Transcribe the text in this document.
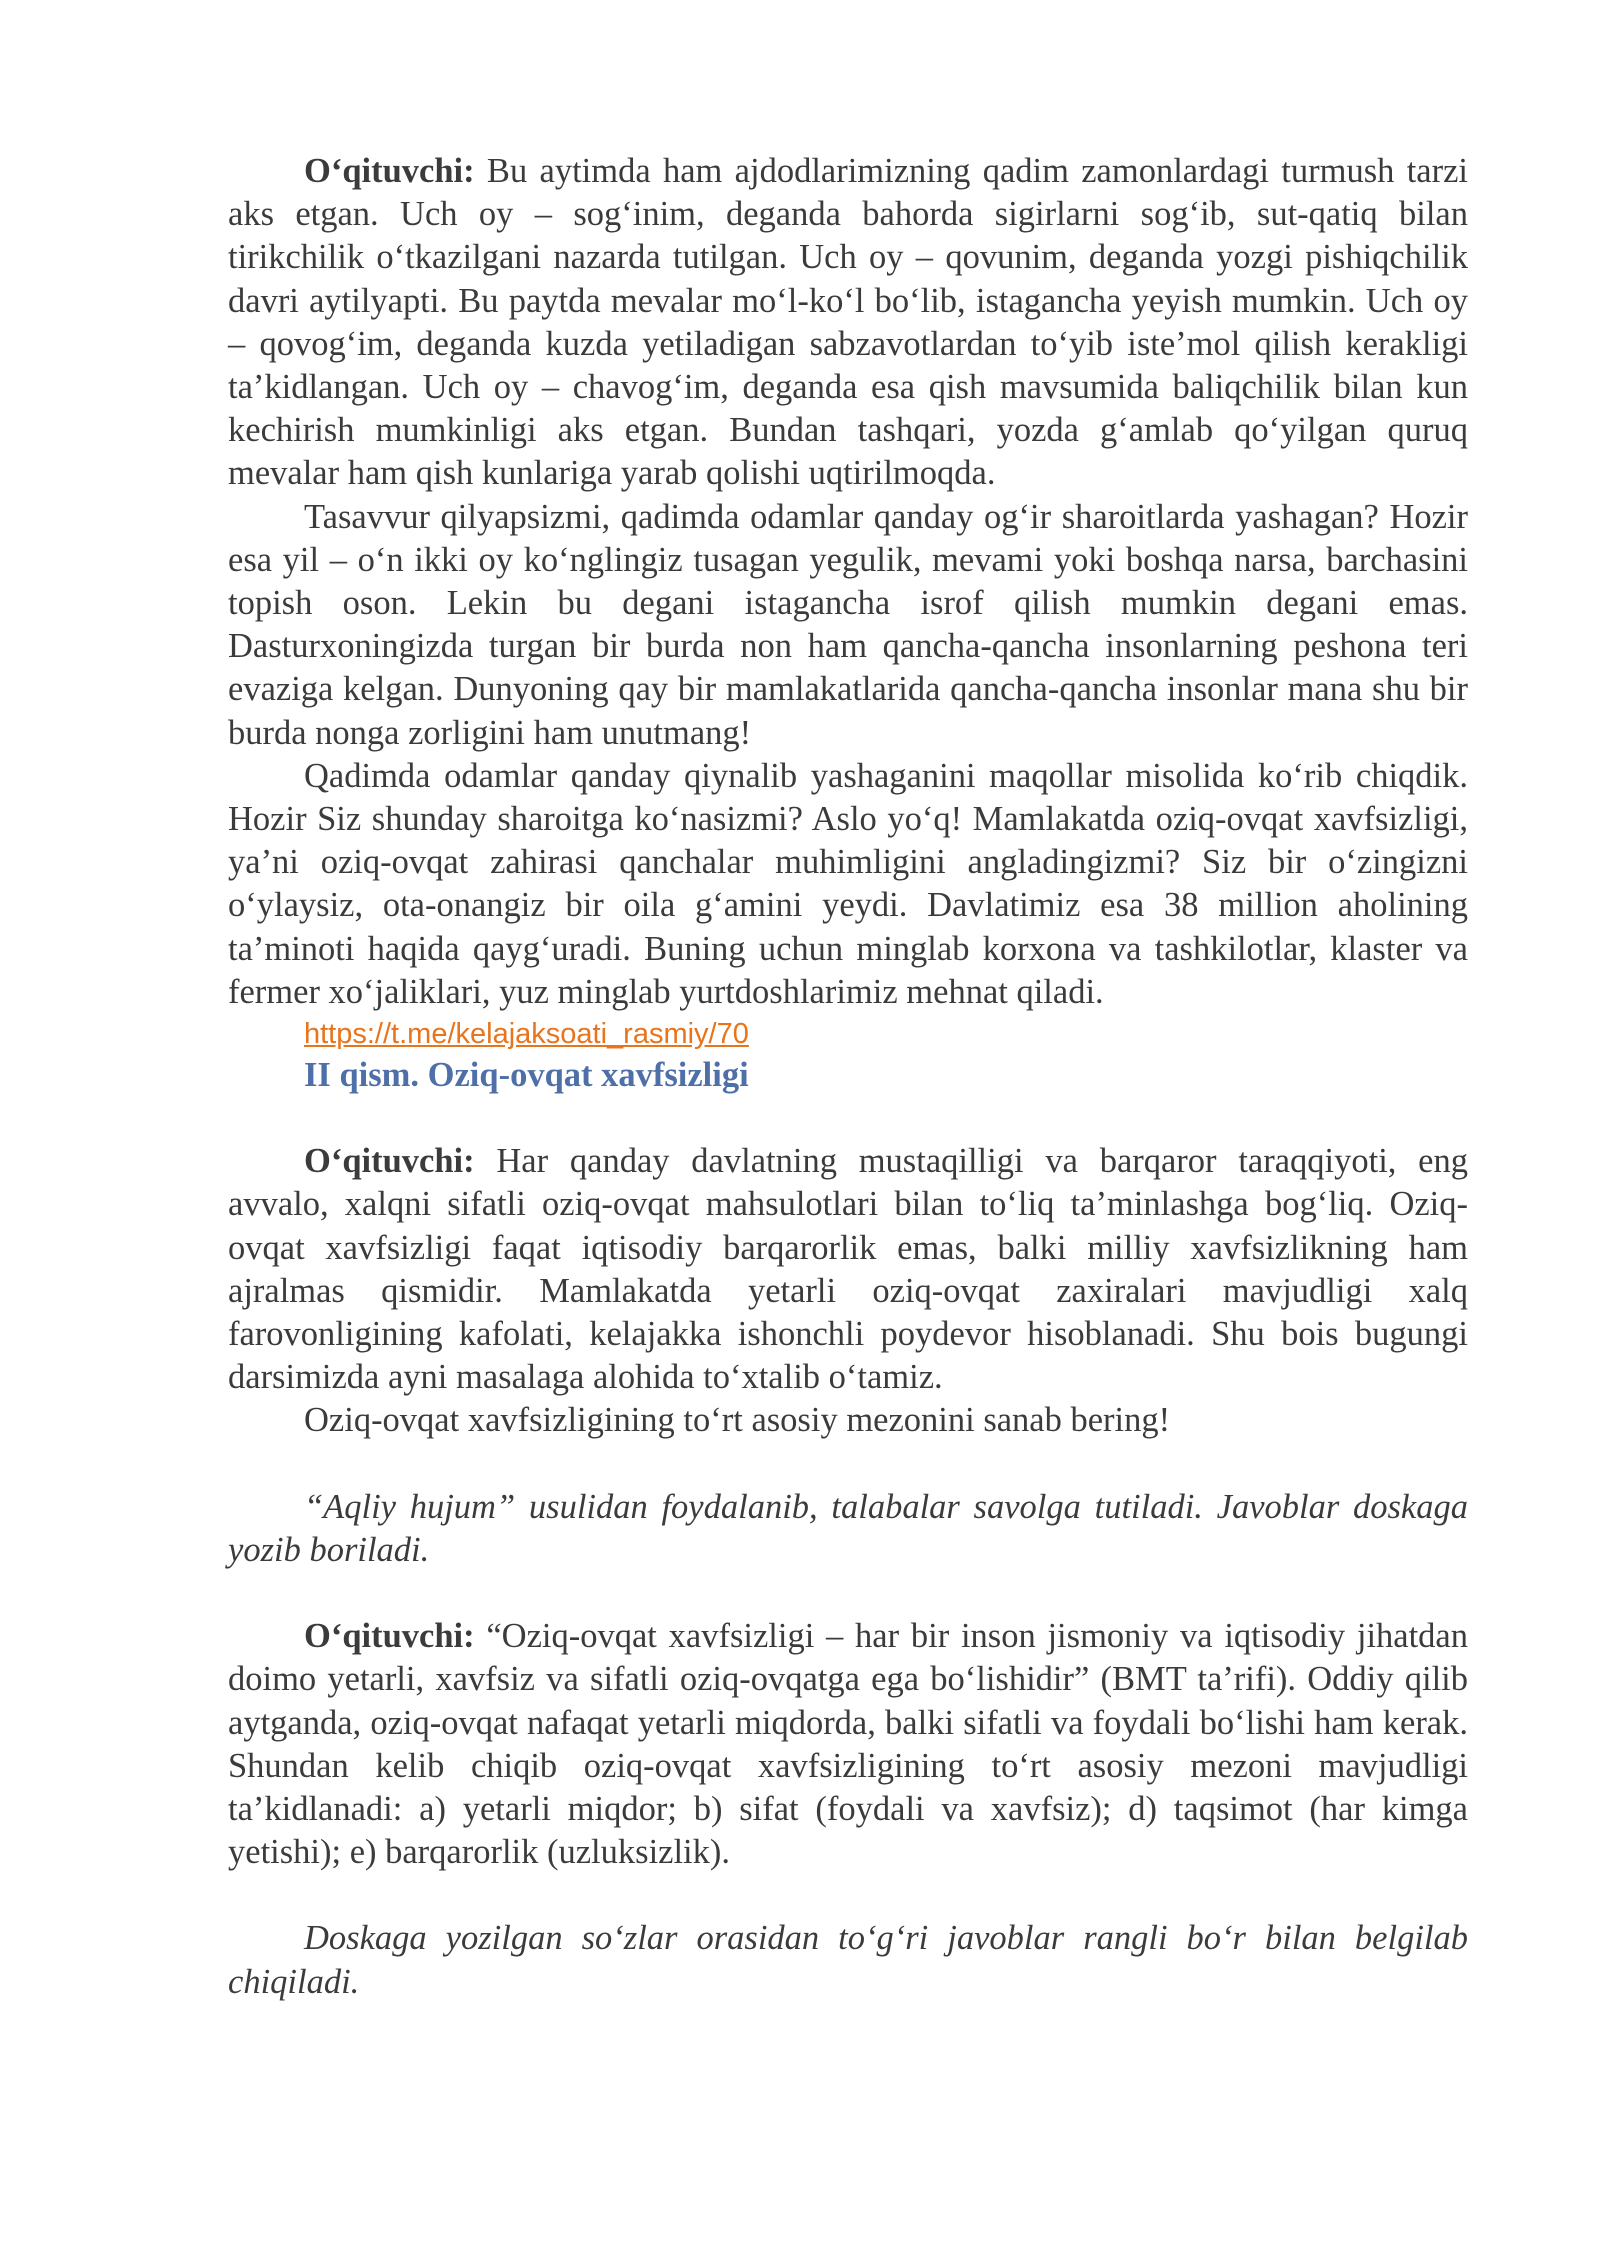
O‘qituvchi: Bu aytimda ham ajdodlarimizning qadim zamonlardagi turmush tarzi aks etgan. Uch oy – sog‘inim, deganda bahorda sigirlarni sog‘ib, sut-qatiq bilan tirikchilik o‘tkazilgani nazarda tutilgan. Uch oy – qovunim, deganda yozgi pishiqchilik davri aytilyapti. Bu paytda mevalar mo‘l-ko‘l bo‘lib, istagancha yeyish mumkin. Uch oy – qovog‘im, deganda kuzda yetiladigan sabzavotlardan to‘yib iste’mol qilish kerakligi ta’kidlangan. Uch oy – chavog‘im, deganda esa qish mavsumida baliqchilik bilan kun kechirish mumkinligi aks etgan. Bundan tashqari, yozda g‘amlab qo‘yilgan quruq mevalar ham qish kunlariga yarab qolishi uqtirilmoqda.

Tasavvur qilyapsizmi, qadimda odamlar qanday og‘ir sharoitlarda yashagan? Hozir esa yil – o‘n ikki oy ko‘nglingiz tusagan yegulik, mevami yoki boshqa narsa, barchasini topish oson. Lekin bu degani istagancha isrof qilish mumkin degani emas. Dasturxoningizda turgan bir burda non ham qancha-qancha insonlarning peshona teri evaziga kelgan. Dunyoning qay bir mamlakatlarida qancha-qancha insonlar mana shu bir burda nonga zorligini ham unutmang!

Qadimda odamlar qanday qiynalib yashaganini maqollar misolida ko‘rib chiqdik. Hozir Siz shunday sharoitga ko‘nasizmi? Aslo yo‘q! Mamlakatda oziq-ovqat xavfsizligi, ya’ni oziq-ovqat zahirasi qanchalar muhimligini angladingizmi? Siz bir o‘zingizni o‘ylaysiz, ota-onangiz bir oila g‘amini yeydi. Davlatimiz esa 38 million aholining ta’minoti haqida qayg‘uradi. Buning uchun minglab korxona va tashkilotlar, klaster va fermer xo‘jaliklari, yuz minglab yurtdoshlarimiz mehnat qiladi.

https://t.me/kelajaksoati_rasmiy/70

II qism. Oziq-ovqat xavfsizligi

O‘qituvchi: Har qanday davlatning mustaqilligi va barqaror taraqqiyoti, eng avvalo, xalqni sifatli oziq-ovqat mahsulotlari bilan to‘liq ta’minlashga bog‘liq. Oziq-ovqat xavfsizligi faqat iqtisodiy barqarorlik emas, balki milliy xavfsizlikning ham ajralmas qismidir. Mamlakatda yetarli oziq-ovqat zaxiralari mavjudligi xalq farovonligining kafolati, kelajakka ishonchli poydevor hisoblanadi. Shu bois bugungi darsimizda ayni masalaga alohida to‘xtalib o‘tamiz.

Oziq-ovqat xavfsizligining to‘rt asosiy mezonini sanab bering!

“Aqliy hujum” usulidan foydalanib, talabalar savolga tutiladi. Javoblar doskaga yozib boriladi.

O‘qituvchi: “Oziq-ovqat xavfsizligi – har bir inson jismoniy va iqtisodiy jihatdan doimo yetarli, xavfsiz va sifatli oziq-ovqatga ega bo‘lishidir” (BMT ta’rifi). Oddiy qilib aytganda, oziq-ovqat nafaqat yetarli miqdorda, balki sifatli va foydali bo‘lishi ham kerak. Shundan kelib chiqib oziq-ovqat xavfsizligining to‘rt asosiy mezoni mavjudligi ta’kidlanadi: a) yetarli miqdor; b) sifat (foydali va xavfsiz); d) taqsimot (har kimga yetishi); e) barqarorlik (uzluksizlik).

Doskaga yozilgan so‘zlar orasidan to‘g‘ri javoblar rangli bo‘r bilan belgilab chiqiladi.
